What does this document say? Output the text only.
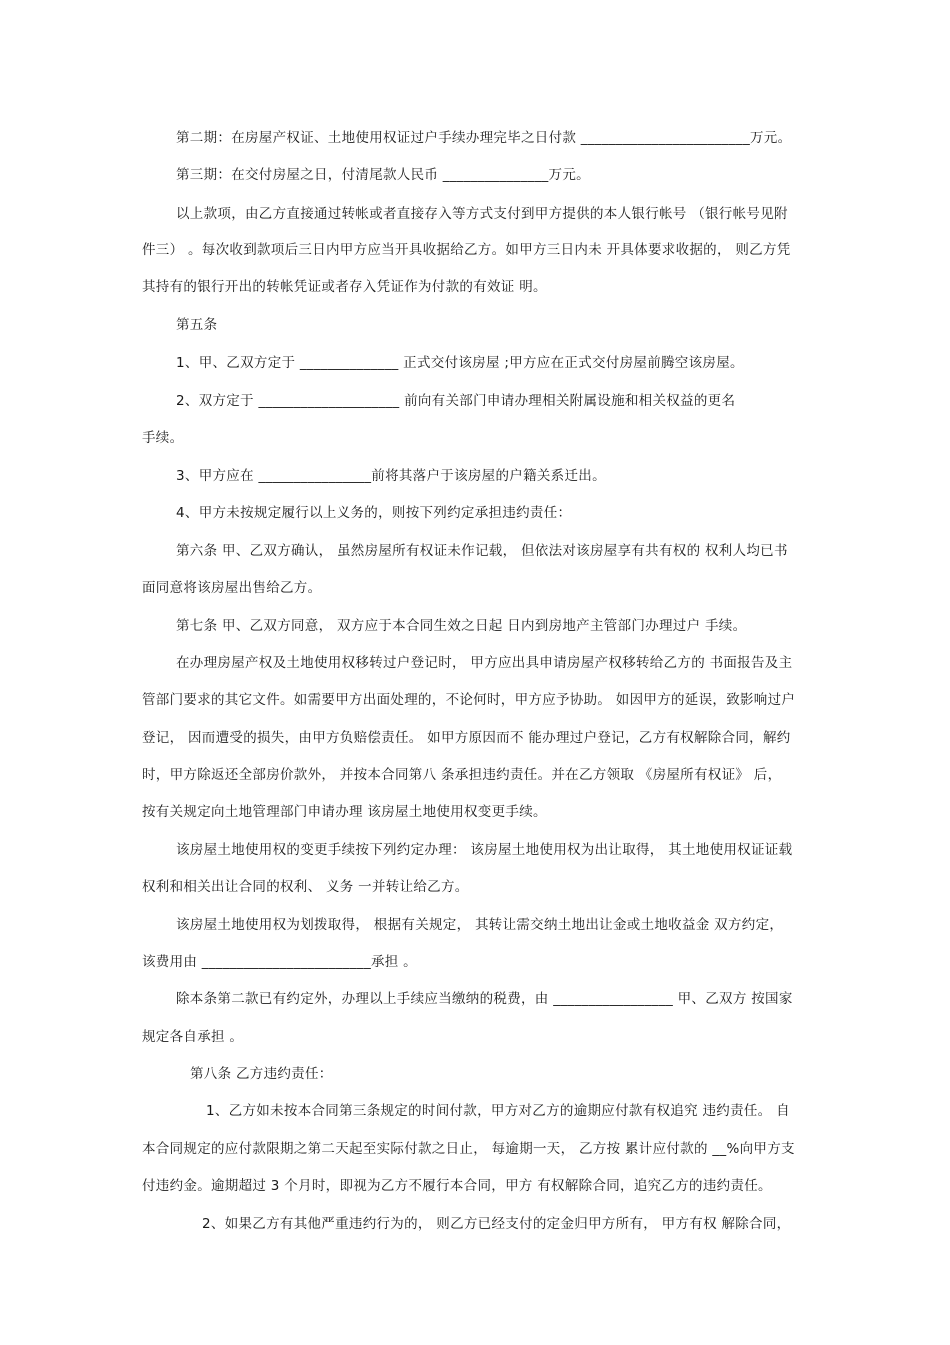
第二期：在房屋产权证、土地使用权证过户手续办理完毕之日付款 ________________________万元。
第三期：在交付房屋之日，付清尾款人民币 _______________万元。
以上款项，由乙方直接通过转帐或者直接存入等方式支付到甲方提供的本人银行帐号 （银行帐号见附
件三） 。每次收到款项后三日内甲方应当开具收据给乙方。如甲方三日内未 开具体要求收据的， 则乙方凭
其持有的银行开出的转帐凭证或者存入凭证作为付款的有效证 明。
第五条
1、甲、乙双方定于 ______________ 正式交付该房屋 ;甲方应在正式交付房屋前腾空该房屋。
2、双方定于 ____________________ 前向有关部门申请办理相关附属设施和相关权益的更名
手续。
3、甲方应在 ________________前将其落户于该房屋的户籍关系迁出。
4、甲方未按规定履行以上义务的，则按下列约定承担违约责任：
第六条 甲、乙双方确认， 虽然房屋所有权证未作记载， 但依法对该房屋享有共有权的 权利人均已书
面同意将该房屋出售给乙方。
第七条 甲、乙双方同意， 双方应于本合同生效之日起 日内到房地产主管部门办理过户 手续。
在办理房屋产权及土地使用权移转过户登记时， 甲方应出具申请房屋产权移转给乙方的 书面报告及主
管部门要求的其它文件。如需要甲方出面处理的，不论何时，甲方应予协助。 如因甲方的延误，致影响过户
登记， 因而遭受的损失，由甲方负赔偿责任。 如甲方原因而不 能办理过户登记，乙方有权解除合同，解约
时，甲方除返还全部房价款外， 并按本合同第八 条承担违约责任。并在乙方领取 《房屋所有权证》 后，
按有关规定向土地管理部门申请办理 该房屋土地使用权变更手续。
该房屋土地使用权的变更手续按下列约定办理： 该房屋土地使用权为出让取得， 其土地使用权证证载
权利和相关出让合同的权利、 义务 一并转让给乙方。
该房屋土地使用权为划拨取得， 根据有关规定， 其转让需交纳土地出让金或土地收益金 双方约定，
该费用由 ________________________承担 。
除本条第二款已有约定外，办理以上手续应当缴纳的税费，由 _________________ 甲、乙双方 按国家
规定各自承担 。
第八条 乙方违约责任：
1、乙方如未按本合同第三条规定的时间付款，甲方对乙方的逾期应付款有权追究 违约责任。 自
本合同规定的应付款限期之第二天起至实际付款之日止， 每逾期一天， 乙方按 累计应付款的 __%向甲方支
付违约金。逾期超过 3 个月时，即视为乙方不履行本合同，甲方 有权解除合同，追究乙方的违约责任。
2、如果乙方有其他严重违约行为的， 则乙方已经支付的定金归甲方所有， 甲方有权 解除合同，
